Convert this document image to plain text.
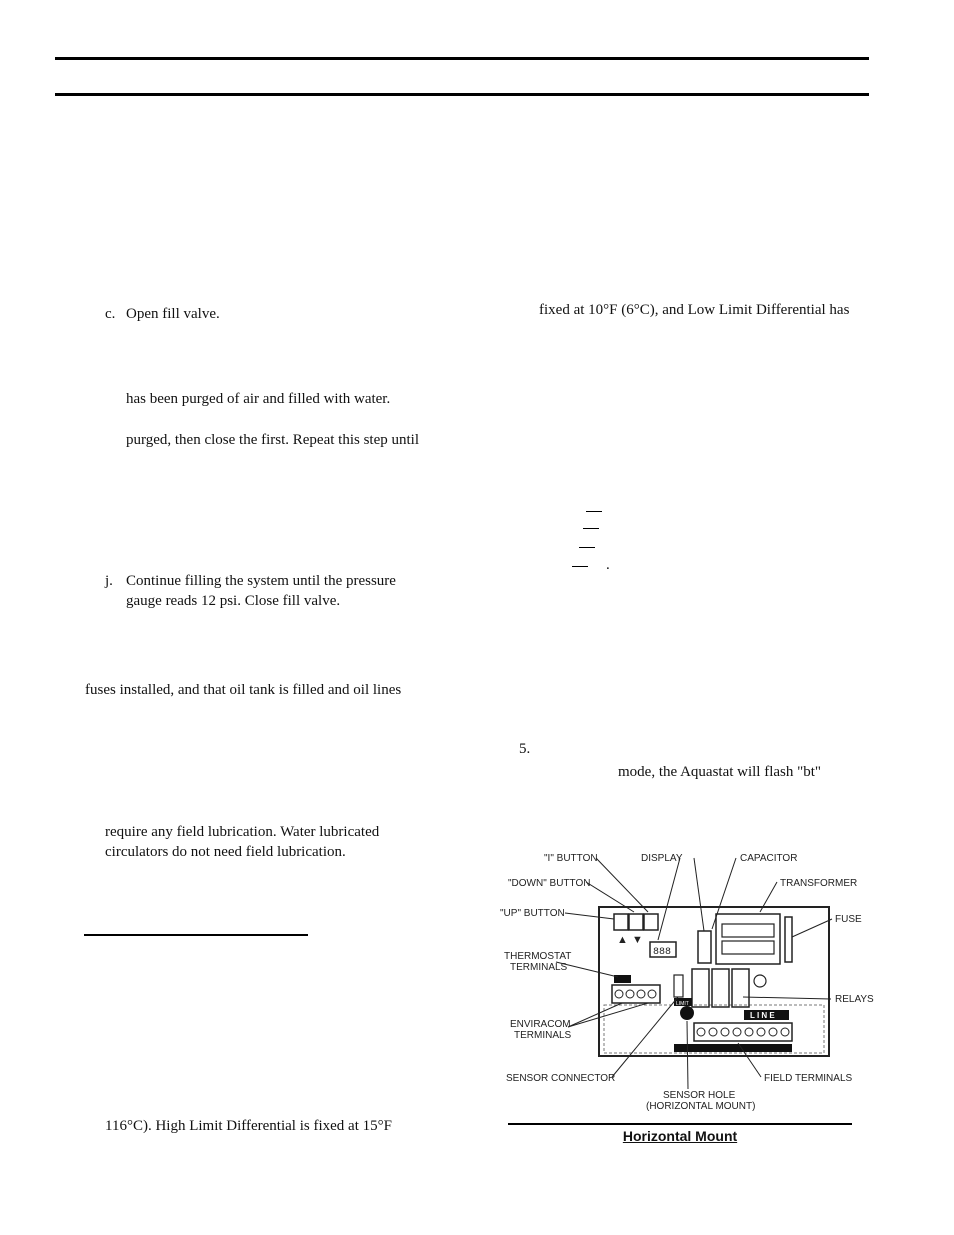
c. Open fill valve.
has been purged of air and filled with water.
purged, then close the first. Repeat this step until
j. Continue filling the system until the pressure
gauge reads 12 psi. Close fill valve.
fuses installed, and that oil tank is filled and oil lines
require any field lubrication. Water lubricated
circulators do not need field lubrication.
116°C). High Limit Differential is fixed at 15°F
fixed at 10°F (6°C), and Low Limit Differential has
.
5.
mode, the Aquastat will flash "bt"
"I" BUTTON	DISPLAY	CAPACITOR
"DOWN" BUTTON	TRANSFORMER
"UP" BUTTON
FUSE
THERMOSTAT
TERMINALS
RELAYS
ENVIRACOM
TERMINALS
SENSOR CONNECTOR	FIELD TERMINALS
SENSOR HOLE
(HORIZONTAL MOUNT)
▲ ▼
888
LIMIT
L I N E
Horizontal Mount
